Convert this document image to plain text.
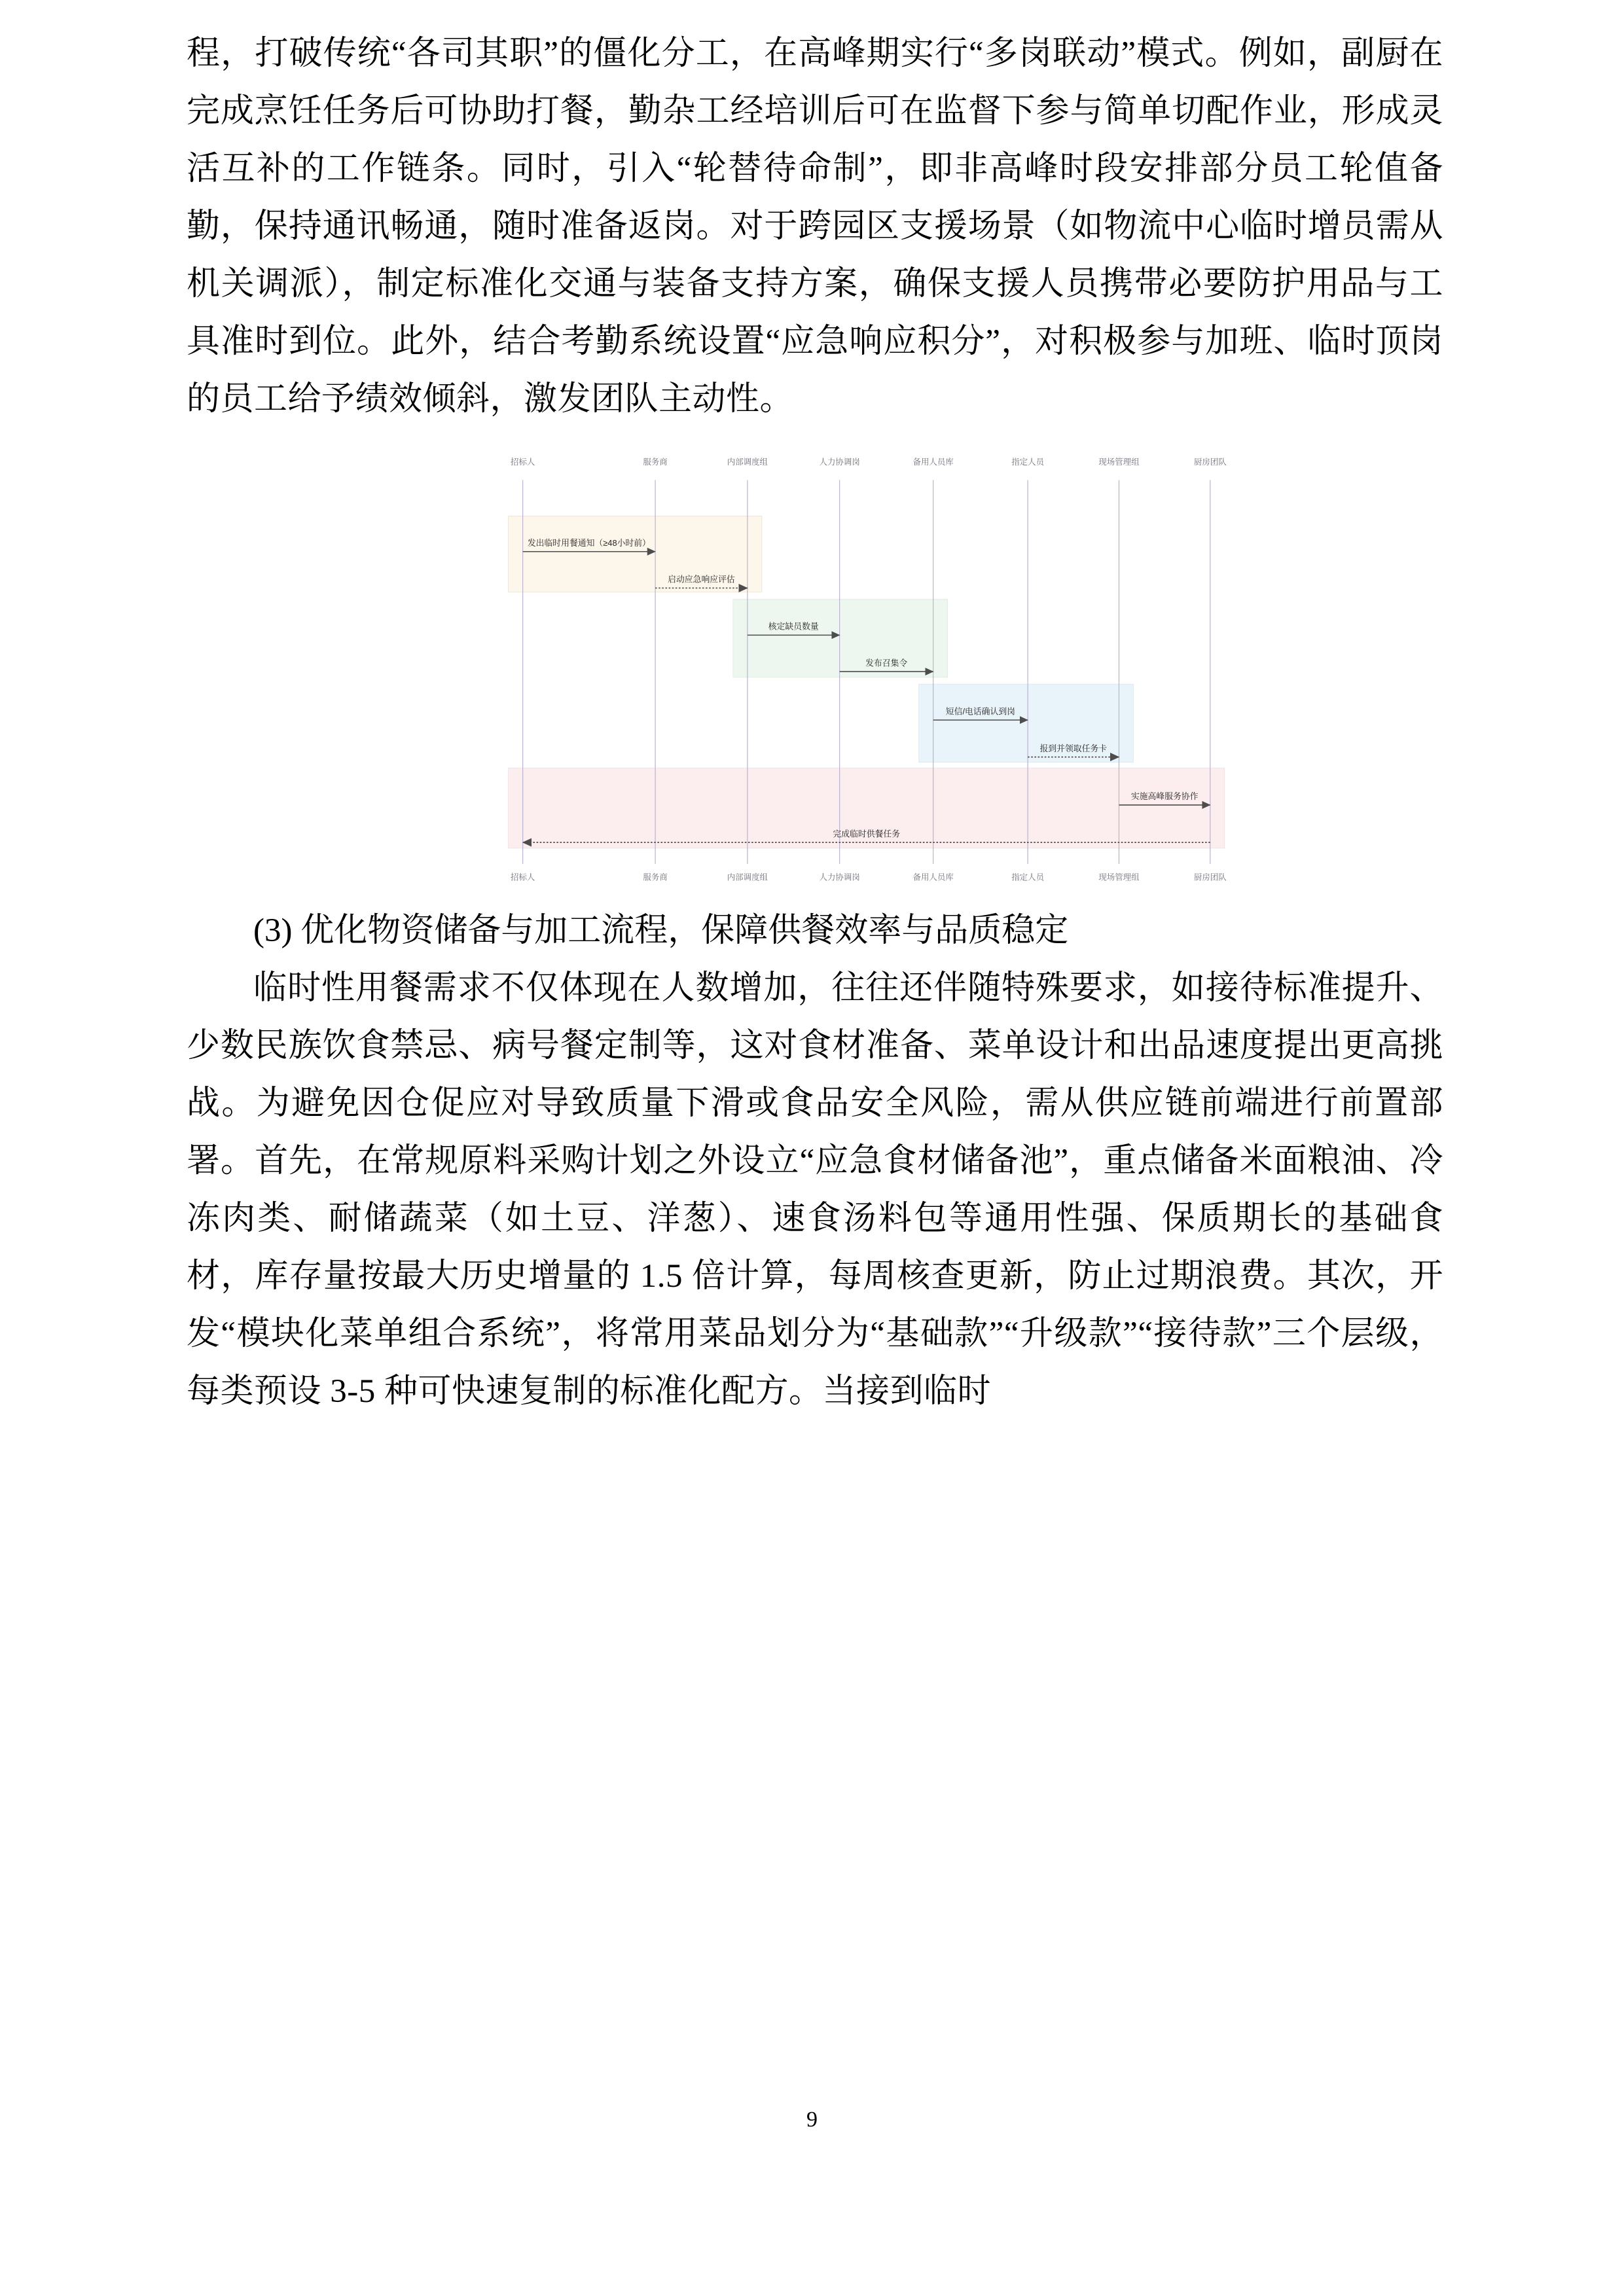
程，打破传统“各司其职”的僵化分工，在高峰期实行“多岗联动”模式。例如，副厨在完成烹饪任务后可协助打餐，勤杂工经培训后可在监督下参与简单切配作业，形成灵活互补的工作链条。同时，引入“轮替待命制”，即非高峰时段安排部分员工轮值备勤，保持通讯畅通，随时准备返岗。对于跨园区支援场景（如物流中心临时增员需从机关调派），制定标准化交通与装备支持方案，确保支援人员携带必要防护用品与工具准时到位。此外，结合考勤系统设置“应急响应积分”，对积极参与加班、临时顶岗的员工给予绩效倾斜，激发团队主动性。

招标人	服务商	内部调度组	人力协调岗	备用人员库	指定人员	现场管理组	厨房团队
发出临时用餐通知（≥48小时前）
启动应急响应评估
核定缺员数量
发布召集令
短信/电话确认到岗
报到并领取任务卡
实施高峰服务协作
完成临时供餐任务
招标人	服务商	内部调度组	人力协调岗	备用人员库	指定人员	现场管理组	厨房团队

(3) 优化物资储备与加工流程，保障供餐效率与品质稳定

临时性用餐需求不仅体现在人数增加，往往还伴随特殊要求，如接待标准提升、少数民族饮食禁忌、病号餐定制等，这对食材准备、菜单设计和出品速度提出更高挑战。为避免因仓促应对导致质量下滑或食品安全风险，需从供应链前端进行前置部署。首先，在常规原料采购计划之外设立“应急食材储备池”，重点储备米面粮油、冷冻肉类、耐储蔬菜（如土豆、洋葱）、速食汤料包等通用性强、保质期长的基础食材，库存量按最大历史增量的 1.5 倍计算，每周核查更新，防止过期浪费。其次，开发“模块化菜单组合系统”，将常用菜品划分为“基础款”“升级款”“接待款”三个层级，每类预设 3-5 种可快速复制的标准化配方。当接到临时

9
